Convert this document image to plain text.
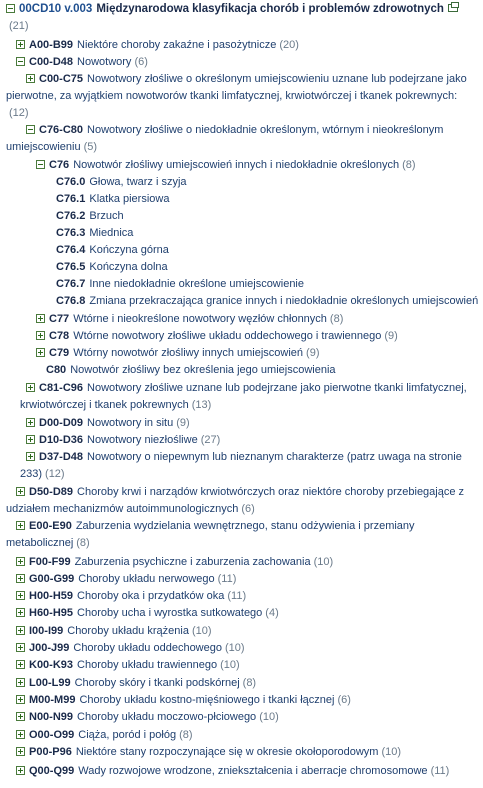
00CD10 v.003 Międzynarodowa klasyfikacja chorób i problemów zdrowotnych(21)
A00-B99 Niektóre choroby zakaźne i pasożytnicze (20)
C00-D48 Nowotwory (6)
C00-C75 Nowotwory złośliwe o określonym umiejscowieniu uznane lub podejrzane jako pierwotne, za wyjątkiem nowotworów tkanki limfatycznej, krwiotwórczej i tkanek pokrewnych:(12)
C76-C80 Nowotwory złośliwe o niedokładnie określonym, wtórnym i nieokreślonym umiejscowieniu (5)
C76 Nowotwór złośliwy umiejscowień innych i niedokładnie określonych (8)
C76.0 Głowa, twarz i szyja
C76.1 Klatka piersiowa
C76.2 Brzuch
C76.3 Miednica
C76.4 Kończyna górna
C76.5 Kończyna dolna
C76.7 Inne niedokładnie określone umiejscowienie
C76.8 Zmiana przekraczająca granice innych i niedokładnie określonych umiejscowień
C77 Wtórne i nieokreślone nowotwory węzłów chłonnych (8)
C78 Wtórne nowotwory złośliwe układu oddechowego i trawiennego (9)
C79 Wtórny nowotwór złośliwy innych umiejscowień (9)
C80 Nowotwór złośliwy bez określenia jego umiejscowienia
C81-C96 Nowotwory złośliwe uznane lub podejrzane jako pierwotne tkanki limfatycznej, krwiotwórczej i tkanek pokrewnych (13)
D00-D09 Nowotwory in situ (9)
D10-D36 Nowotwory niezłośliwe (27)
D37-D48 Nowotwory o niepewnym lub nieznanym charakterze (patrz uwaga na stronie 233) (12)
D50-D89 Choroby krwi i narządów krwiotwórczych oraz niektóre choroby przebiegające z udziałem mechanizmów autoimmunologicznych (6)
E00-E90 Zaburzenia wydzielania wewnętrznego, stanu odżywienia i przemiany metabolicznej (8)
F00-F99 Zaburzenia psychiczne i zaburzenia zachowania (10)
G00-G99 Choroby układu nerwowego (11)
H00-H59 Choroby oka i przydatków oka (11)
H60-H95 Choroby ucha i wyrostka sutkowatego (4)
I00-I99 Choroby układu krążenia (10)
J00-J99 Choroby układu oddechowego (10)
K00-K93 Choroby układu trawiennego (10)
L00-L99 Choroby skóry i tkanki podskórnej (8)
M00-M99 Choroby układu kostno-mięśniowego i tkanki łącznej (6)
N00-N99 Choroby układu moczowo-płciowego (10)
O00-O99 Ciąża, poród i połóg (8)
P00-P96 Niektóre stany rozpoczynające się w okresie okołoporodowym (10)
Q00-Q99 Wady rozwojowe wrodzone, zniekształcenia i aberracje chromosomowe (11)
